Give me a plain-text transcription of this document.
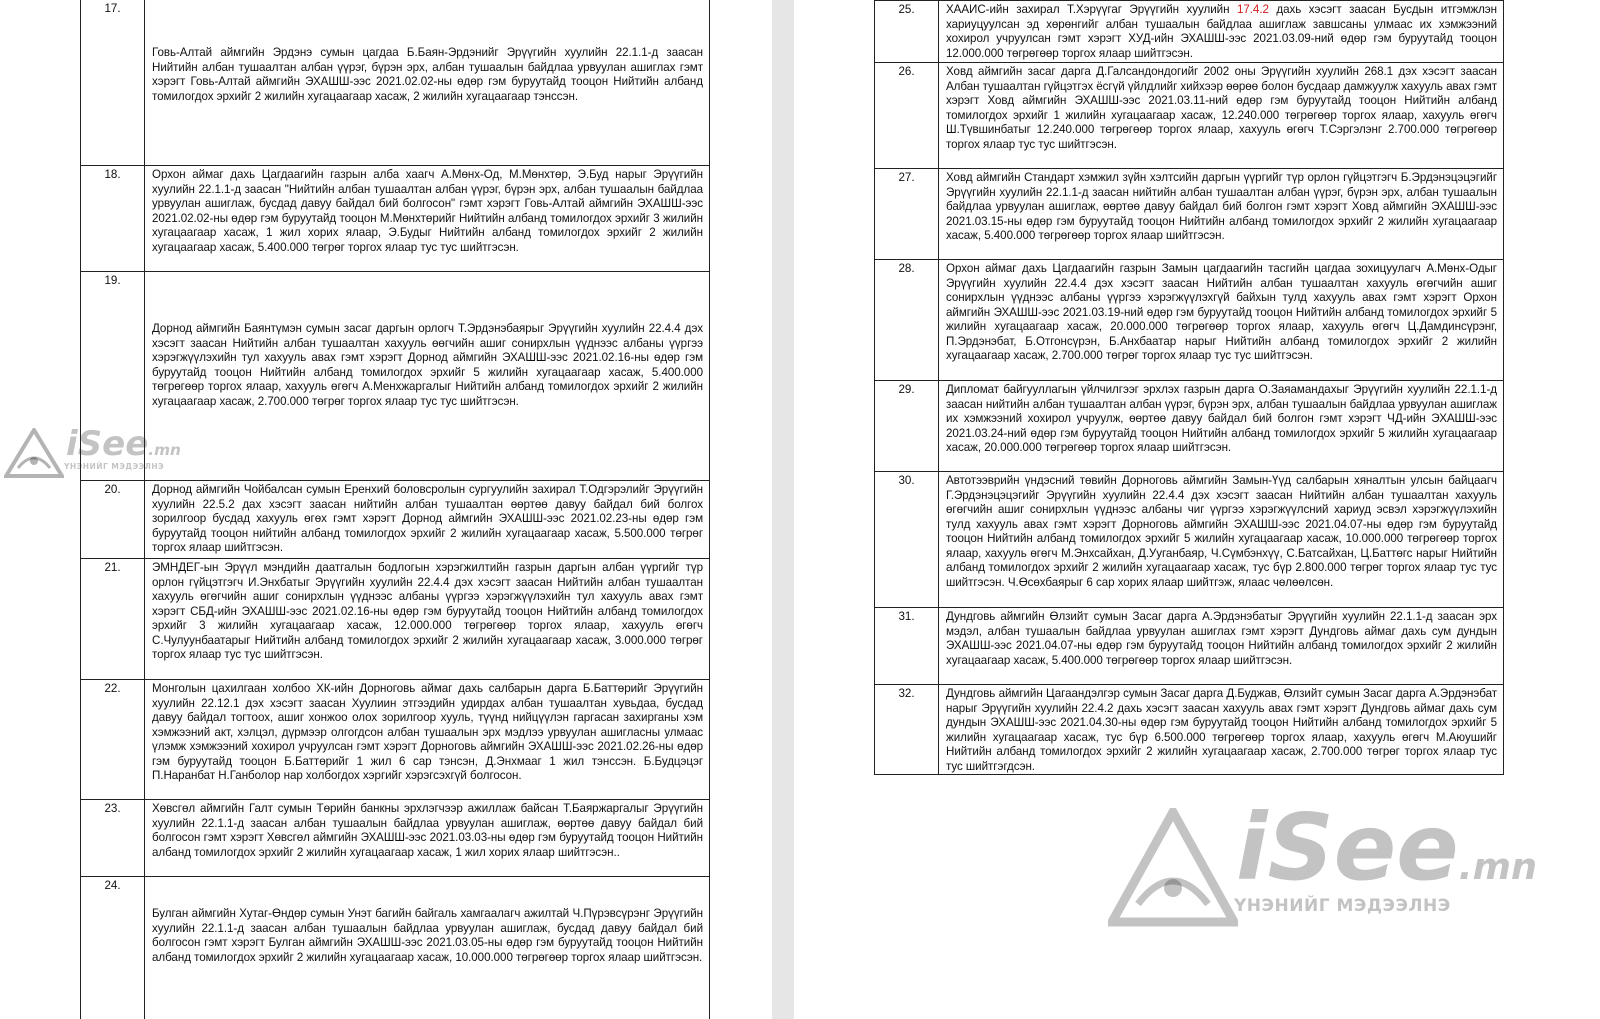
17.	Говь-Алтай аймгийн Эрдэнэ сумын цагдаа Б.Баян-Эрдэнийг Эрүүгийн хуулийн 22.1.1-д заасан Нийтийн албан тушаалтан албан үүрэг, бүрэн эрх, албан тушаалын байдлаа урвуулан ашиглах гэмт хэрэгт Говь-Алтай аймгийн ЭХАШШ-ээс 2021.02.02-ны өдөр гэм буруутайд тооцон Нийтийн албанд томилогдох эрхийг 2 жилийн хугацаагаар хасаж, 2 жилийн хугацаагаар тэнссэн.
18.	Орхон аймаг дахь Цагдаагийн газрын алба хаагч А.Мөнх-Од, М.Мөнхтөр, Э.Буд нарыг Эрүүгийн хуулийн 22.1.1-д заасан "Нийтийн албан тушаалтан албан үүрэг, бүрэн эрх, албан тушаалын байдлаа урвуулан ашиглаж, бусдад давуу байдал бий болгосон" гэмт хэрэгт Говь-Алтай аймгийн ЭХАШШ-ээс 2021.02.02-ны өдөр гэм буруутайд тооцон М.Мөнхтөрийг Нийтийн албанд томилогдох эрхийг 3 жилийн хугацаагаар хасаж, 1 жил хорих ялаар, Э.Будыг Нийтийн албанд томилогдох эрхийг 2 жилийн хугацаагаар хасаж, 5.400.000 төгрөг торгох ялаар тус тус шийтгэсэн.
19.	Дорнод аймгийн Баянтүмэн сумын засаг даргын орлогч Т.Эрдэнэбаярыг Эрүүгийн хуулийн 22.4.4 дэх хэсэгт заасан Нийтийн албан тушаалтан хахууль өөгчийн ашиг сонирхлын үүднээс албаны үүргээ хэрэгжүүлэхийн тул хахууль авах гэмт хэрэгт Дорнод аймгийн ЭХАШШ-ээс 2021.02.16-ны өдөр гэм буруутайд тооцон Нийтийн албанд томилогдох эрхийг 5 жилийн хугацаагаар хасаж, 5.400.000 төгрөгөөр торгох ялаар, хахууль өгөгч А.Менхжаргалыг Нийтийн албанд томилогдох эрхийг 2 жилийн хугацаагаар хасаж, 2.700.000 төгрөг торгох ялаар тус тус шийтгэсэн.
20.	Дорнод аймгийн Чойбалсан сумын Еренхий боловсролын сургуулийн захирал Т.Одгэрэлийг Эрүүгийн хуулийн 22.5.2 дах хэсэгт заасан нийтийн албан тушаалтан өөртөө давуу байдал бий болгох зорилгоор бусдад хахууль өгөх гэмт хэрэгт Дорнод аймгийн ЭХАШШ-ээс 2021.02.23-ны өдөр гэм буруутайд тооцон нийтийн албанд томилогдох эрхийг 2 жилийн хугацаагаар хасаж, 5.500.000 төгрөг торгох ялаар шийтгэсэн.
21.	ЭМНДЕГ-ын Эрүүл мэндийн даатгалын бодлогын хэрэгжилтийн газрын даргын албан үүргийг түр орлон гүйцэтгэгч И.Энхбатыг Эрүүгийн хуулийн 22.4.4 дэх хэсэгт заасан Нийтийн албан тушаалтан хахууль өгөгчийн ашиг сонирхлын үүднээс албаны үүргээ хэрэгжүүлэхийн тул хахууль авах гэмт хэрэгт СБД-ийн ЭХАШШ-ээс 2021.02.16-ны өдөр гэм буруутайд тооцон Нийтийн албанд томилогдох эрхийг 3 жилийн хугацаагаар хасаж, 12.000.000 төгрөгөөр торгох ялаар, хахууль өгөгч С.Чулуунбаатарыг Нийтийн албанд томилогдох эрхийг 2 жилийн хугацаагаар хасаж, 3.000.000 төгрөг торгох ялаар тус тус шийтгэсэн.
22.	Монголын цахилгаан холбоо ХК-ийн Дорноговь аймаг дахь салбарын дарга Б.Баттөрийг Эрүүгийн хуулийн 22.12.1 дэх хэсэгт заасан Хуулиин этгээдийн удирдах албан тушаалтан хувьдаа, бусдад давуу байдал тогтоох, ашиг хонжоо олох зорилгоор хууль, түүнд нийцүүлэн гаргасан захирганы хэм хэмжээний акт, хэлцэл, дүрмээр олгогдсон албан тушаалын эрх мэдлээ урвуулан ашигласны улмаас үлэмж хэмжээний хохирол учруулсан гэмт хэрэгт Дорноговь аймгийн ЭХАШШ-ээс 2021.02.26-ны өдөр гэм буруутайд тооцон Б.Баттөрийг 1 жил 6 сар тэнсэн, Д.Энхмааг 1 жил тэнссэн. Б.Будцэцэг П.Наранбат Н.Ганболор нар холбогдох хэргийг хэрэгсэхгүй болгосон.
23.	Хөвсгөл аймгийн Галт сумын Төрийн банкны эрхлэгчээр ажиллаж байсан Т.Баяржаргалыг Эрүүгийн хуулийн 22.1.1-д заасан албан тушаалын байдлаа урвуулан ашиглаж, өөртөө давуу байдал бий болгосон гэмт хэрэгт Хөвсгөл аймгийн ЭХАШШ-ээс 2021.03.03-ны өдөр гэм буруутайд тооцон Нийтийн албанд томилогдох эрхийг 2 жилийн хугацаагаар хасаж, 1 жил хорих ялаар шийтгэсэн..
24.	Булган аймгийн Хутаг-Өндөр сумын Унэт багийн байгаль хамгаалагч ажилтай Ч.Пүрэвсүрэнг Эрүүгийн хуулийн 22.1.1-д заасан албан тушаалын байдлаа урвуулан ашиглаж, бусдад давуу байдал бий болгосон гэмт хэрэгт Булган аймгийн ЭХАШШ-ээс 2021.03.05-ны өдөр гэм буруутайд тооцон Нийтийн албанд томилогдох эрхийг 2 жилийн хугацаагаар хасаж, 10.000.000 төгрөгөөр торгох ялаар шийтгэсэн.
iSee.mn
ҮНЭНИЙГ МЭДЭЭЛНЭ
25.	ХААИС-ийн захирал Т.Хэрүүгаг Эрүүгийн хуулийн 17.4.2 дахь хэсэгт заасан Бусдын итгэмжлэн хариуцуулсан эд хөрөнгийг албан тушаалын байдлаа ашиглаж завшсаны улмаас их хэмжээний хохирол учруулсан гэмт хэрэгт ХУД-ийн ЭХАШШ-ээс 2021.03.09-ний өдөр гэм буруутайд тооцон 12.000.000 төгрөгөөр торгох ялаар шийтгэсэн.
26.	Ховд аймгийн засаг дарга Д.Галсандондогийг 2002 оны Эрүүгийн хуулийн 268.1 дэх хэсэгт заасан Албан тушаалтан гүйцэтгэх ёсгүй үйлдлийг хийхээр өөрөө болон бусдаар дамжуулж хахууль авах гэмт хэрэгт Ховд аймгийн ЭХАШШ-ээс 2021.03.11-ний өдөр гэм буруутайд тооцон Нийтийн албанд томилогдох эрхийг 1 жилийн хугацаагаар хасаж, 12.240.000 төгрөгөөр торгох ялаар, хахууль өгөгч Ш.Түвшинбатыг 12.240.000 төгрөгөөр торгох ялаар, хахууль өгөгч Т.Сэргэлэнг 2.700.000 төгрөгөөр торгох ялаар тус тус шийтгэсэн.
27.	Ховд аймгийн Стандарт хэмжил зүйн хэлтсийн даргын үүргийг түр орлон гүйцэтгэгч Б.Эрдэнэцэцэгийг Эрүүгийн хуулийн 22.1.1-д заасан нийтийн албан тушаалтан албан үүрэг, бүрэн эрх, албан тушаалын байдлаа урвуулан ашиглаж, өөртөө давуу байдал бий болгон гэмт хэрэгт Ховд аймгийн ЭХАШШ-ээс 2021.03.15-ны өдөр гэм буруутайд тооцон Нийтийн албанд томилогдох эрхийг 2 жилийн хугацаагаар хасаж, 5.400.000 төгрөгөөр торгох ялаар шийтгэсэн.
28.	Орхон аймаг дахь Цагдаагийн газрын Замын цагдаагийн тасгийн цагдаа зохицуулагч А.Мөнх-Одыг Эрүүгийн хуулийн 22.4.4 дэх хэсэгт заасан Нийтийн албан тушаалтан хахууль өгөгчийн ашиг сонирхлын үүднээс албаны үүргээ хэрэгжүүлэхгүй байхын тулд хахууль авах гэмт хэрэгт Орхон аймгийн ЭХАШШ-ээс 2021.03.19-ний өдөр гэм буруутайд тооцон Нийтийн албанд томилогдох эрхийг 5 жилийн хугацаагаар хасаж, 20.000.000 төгрөгөөр торгох ялаар, хахууль өгөгч Ц.Дамдинсүрэнг, П.Эрдэнэбат, Б.Отгонсүрэн, Б.Анхбаатар нарыг Нийтийн албанд томилогдох эрхийг 2 жилийн хугацаагаар хасаж, 2.700.000 төгрөг торгох ялаар тус тус шийтгэсэн.
29.	Дипломат байгууллагын үйлчилгээг эрхлэх газрын дарга О.Заяамандахыг Эрүүгийн хуулийн 22.1.1-д заасан нийтийн албан тушаалтан албан үүрэг, бүрэн эрх, албан тушаалын байдлаа урвуулан ашиглаж их хэмжээний хохирол учруулж, өөртөө давуу байдал бий болгон гэмт хэрэгт ЧД-ийн ЭХАШШ-ээс 2021.03.24-ний өдөр гэм буруутайд тооцон Нийтийн албанд томилогдох эрхийг 5 жилийн хугацаагаар хасаж, 20.000.000 төгрөгөөр торгох ялаар шийтгэсэн.
30.	Автотээврийн үндэсний төвийн Дорноговь аймгийн Замын-Үүд салбарын хяналтын улсын байцаагч Г.Эрдэнэцэцэгийг Эрүүгийн хуулийн 22.4.4 дэх хэсэгт заасан Нийтийн албан тушаалтан хахууль өгөгчийн ашиг сонирхлын үүднээс албаны чиг үүргээ хэрэгжүүлсний хариуд эсвэл хэрэгжүүлэхийн тулд хахууль авах гэмт хэрэгт Дорноговь аймгийн ЭХАШШ-ээс 2021.04.07-ны өдөр гэм буруутайд тооцон Нийтийн албанд томилогдох эрхийг 5 жилийн хугацаагаар хасаж, 10.000.000 төгрөгөөр торгох ялаар, хахууль өгөгч М.Энхсайхан, Д.Ууганбаяр, Ч.Сүмбэнхүү, С.Батсайхан, Ц.Баттөгс нарыг Нийтийн албанд томилогдох эрхийг 2 жилийн хугацаагаар хасаж, тус бүр 2.800.000 төгрөг торгох ялаар тус тус шийтгэсэн. Ч.Өсөхбаярыг 6 сар хорих ялаар шийтгэж, ялаас чөлөөлсөн.
31.	Дундговь аймгийн Өлзийт сумын Засаг дарга А.Эрдэнэбатыг Эрүүгийн хуулийн 22.1.1-д заасан эрх мэдэл, албан тушаалын байдлаа урвуулан ашиглах гэмт хэрэгт Дундговь аймаг дахь сум дундын ЭХАШШ-ээс 2021.04.07-ны өдөр гэм буруутайд тооцон Нийтийн албанд томилогдох эрхийг 2 жилийн хугацаагаар хасаж, 5.400.000 төгрөгөөр торгох ялаар шийтгэсэн.
32.	Дундговь аймгийн Цагаандэлгэр сумын Засаг дарга Д.Буджав, Өлзийт сумын Засаг дарга А.Эрдэнэбат нарыг Эрүүгийн хуулийн 22.4.2 дахь хэсэгт заасан хахууль авах гэмт хэрэгт Дундговь аймаг дахь сум дундын ЭХАШШ-ээс 2021.04.30-ны өдөр гэм буруутайд тооцон Нийтийн албанд томилогдох эрхийг 5 жилийн хугацаагаар хасаж, тус бүр 6.500.000 төгрөгөөр торгох ялаар, хахууль өгөгч М.Аюушийг Нийтийн албанд томилогдох эрхийг 2 жилийн хугацаагаар хасаж, 2.700.000 төгрөг торгох ялаар тус тус шийтгэгдсэн.
iSee.mn
ҮНЭНИЙГ МЭДЭЭЛНЭ
